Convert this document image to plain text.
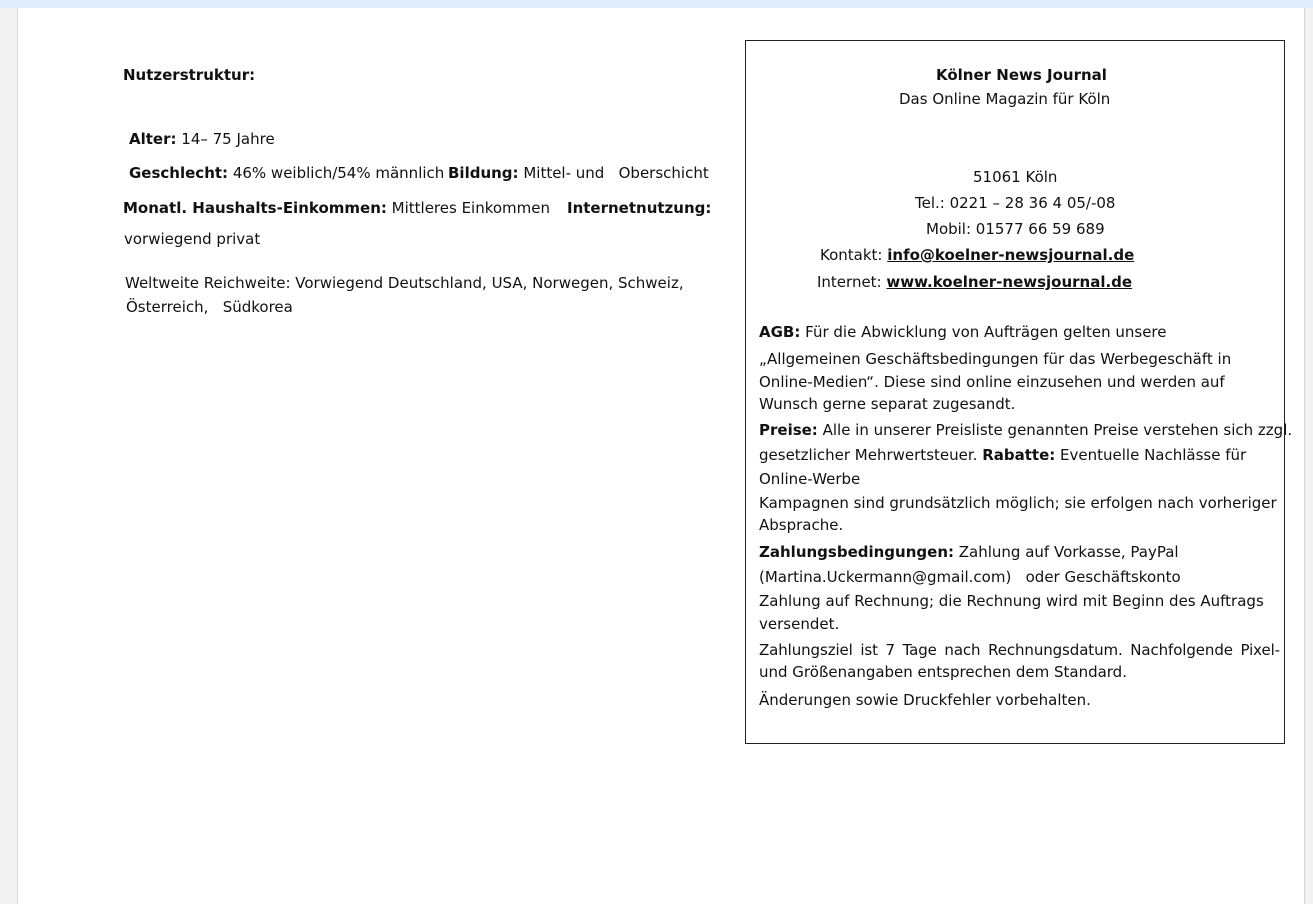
Nutzerstruktur:
Alter: 14– 75 Jahre
Geschlecht: 46% weiblich/54% männlich Bildung: Mittel- und   Oberschicht
Monatl. Haushalts-Einkommen: Mittleres Einkommen Internetnutzung:
vorwiegend privat
Weltweite Reichweite: Vorwiegend Deutschland, USA, Norwegen, Schweiz,
Österreich,   Südkorea
Kölner News Journal
Das Online Magazin für Köln
51061 Köln
Tel.: 0221 – 28 36 4 05/-08
Mobil: 01577 66 59 689
Kontakt: info@koelner-newsjournal.de
Internet: www.koelner-newsjournal.de
AGB: Für die Abwicklung von Aufträgen gelten unsere
„Allgemeinen Geschäftsbedingungen für das Werbegeschäft in
Online-Medien“. Diese sind online einzusehen und werden auf
Wunsch gerne separat zugesandt.
Preise: Alle in unserer Preisliste genannten Preise verstehen sich zzgl.
gesetzlicher Mehrwertsteuer. Rabatte: Eventuelle Nachlässe für
Online-Werbe
Kampagnen sind grundsätzlich möglich; sie erfolgen nach vorheriger
Absprache.
Zahlungsbedingungen: Zahlung auf Vorkasse, PayPal
(Martina.Uckermann@gmail.com)   oder Geschäftskonto
Zahlung auf Rechnung; die Rechnung wird mit Beginn des Auftrags
versendet.
Zahlungsziel ist 7 Tage nach Rechnungsdatum. Nachfolgende Pixel-
und Größenangaben entsprechen dem Standard.
Änderungen sowie Druckfehler vorbehalten.
